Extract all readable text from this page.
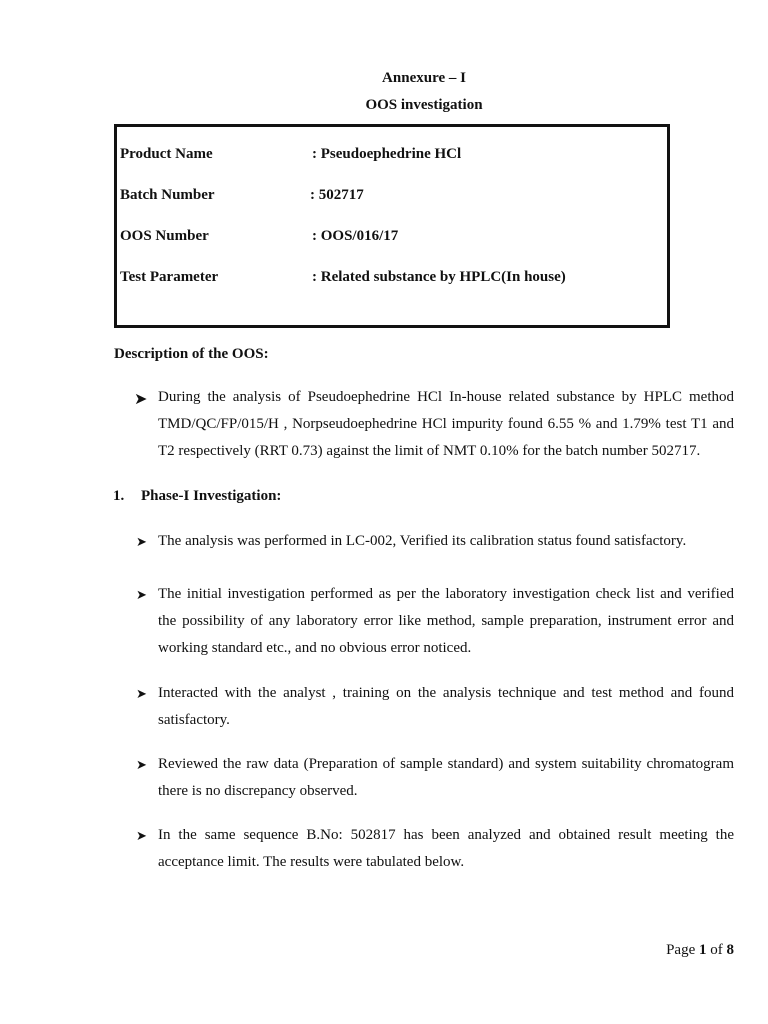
Annexure – I
OOS investigation
Product Name	: Pseudoephedrine HCl
Batch Number	: 502717
OOS Number	: OOS/016/17
Test Parameter	: Related substance by HPLC(In house)
Description of the OOS:
➤ During the analysis of Pseudoephedrine HCl In-house related substance by HPLC method TMD/QC/FP/015/H , Norpseudoephedrine HCl impurity found 6.55 % and 1.79% test T1 and T2 respectively (RRT 0.73) against the limit of NMT 0.10% for the batch number 502717.
1. Phase-I Investigation:
➤ The analysis was performed in LC-002, Verified its calibration status found satisfactory.
➤ The initial investigation performed as per the laboratory investigation check list and verified the possibility of any laboratory error like method, sample preparation, instrument error and working standard etc., and no obvious error noticed.
➤ Interacted with the analyst , training on the analysis technique and test method and found satisfactory.
➤ Reviewed the raw data (Preparation of sample standard) and system suitability chromatogram there is no discrepancy observed.
➤ In the same sequence B.No: 502817 has been analyzed and obtained result meeting the acceptance limit. The results were tabulated below.
Page 1 of 8
